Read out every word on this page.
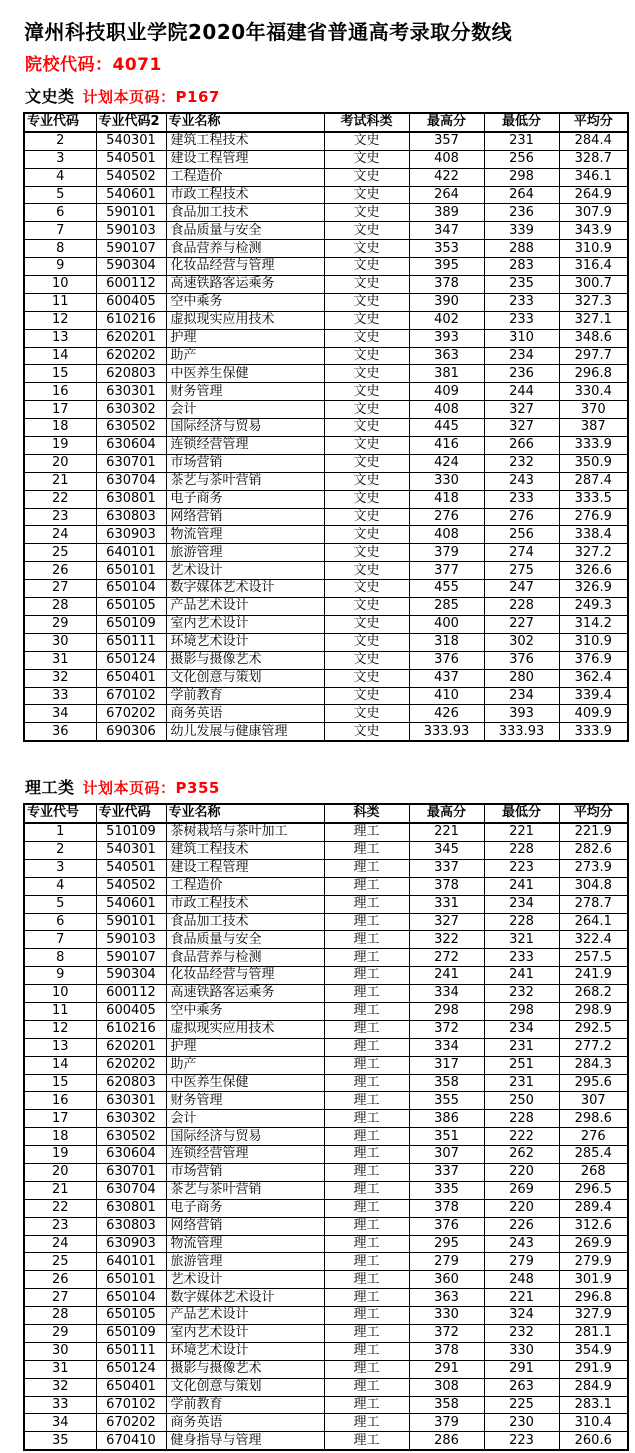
漳州科技职业学院2020年福建省普通高考录取分数线
院校代码：4071
文史类 计划本页码：P167
专业代码	专业代码2	专业名称	考试科类	最高分	最低分	平均分
2	540301	建筑工程技术	文史	357	231	284.4
3	540501	建设工程管理	文史	408	256	328.7
4	540502	工程造价	文史	422	298	346.1
5	540601	市政工程技术	文史	264	264	264.9
6	590101	食品加工技术	文史	389	236	307.9
7	590103	食品质量与安全	文史	347	339	343.9
8	590107	食品营养与检测	文史	353	288	310.9
9	590304	化妆品经营与管理	文史	395	283	316.4
10	600112	高速铁路客运乘务	文史	378	235	300.7
11	600405	空中乘务	文史	390	233	327.3
12	610216	虚拟现实应用技术	文史	402	233	327.1
13	620201	护理	文史	393	310	348.6
14	620202	助产	文史	363	234	297.7
15	620803	中医养生保健	文史	381	236	296.8
16	630301	财务管理	文史	409	244	330.4
17	630302	会计	文史	408	327	370
18	630502	国际经济与贸易	文史	445	327	387
19	630604	连锁经营管理	文史	416	266	333.9
20	630701	市场营销	文史	424	232	350.9
21	630704	茶艺与茶叶营销	文史	330	243	287.4
22	630801	电子商务	文史	418	233	333.5
23	630803	网络营销	文史	276	276	276.9
24	630903	物流管理	文史	408	256	338.4
25	640101	旅游管理	文史	379	274	327.2
26	650101	艺术设计	文史	377	275	326.6
27	650104	数字媒体艺术设计	文史	455	247	326.9
28	650105	产品艺术设计	文史	285	228	249.3
29	650109	室内艺术设计	文史	400	227	314.2
30	650111	环境艺术设计	文史	318	302	310.9
31	650124	摄影与摄像艺术	文史	376	376	376.9
32	650401	文化创意与策划	文史	437	280	362.4
33	670102	学前教育	文史	410	234	339.4
34	670202	商务英语	文史	426	393	409.9
36	690306	幼儿发展与健康管理	文史	333.93	333.93	333.9
理工类 计划本页码：P355
专业代号	专业代码	专业名称	科类	最高分	最低分	平均分
1	510109	茶树栽培与茶叶加工	理工	221	221	221.9
2	540301	建筑工程技术	理工	345	228	282.6
3	540501	建设工程管理	理工	337	223	273.9
4	540502	工程造价	理工	378	241	304.8
5	540601	市政工程技术	理工	331	234	278.7
6	590101	食品加工技术	理工	327	228	264.1
7	590103	食品质量与安全	理工	322	321	322.4
8	590107	食品营养与检测	理工	272	233	257.5
9	590304	化妆品经营与管理	理工	241	241	241.9
10	600112	高速铁路客运乘务	理工	334	232	268.2
11	600405	空中乘务	理工	298	298	298.9
12	610216	虚拟现实应用技术	理工	372	234	292.5
13	620201	护理	理工	334	231	277.2
14	620202	助产	理工	317	251	284.3
15	620803	中医养生保健	理工	358	231	295.6
16	630301	财务管理	理工	355	250	307
17	630302	会计	理工	386	228	298.6
18	630502	国际经济与贸易	理工	351	222	276
19	630604	连锁经营管理	理工	307	262	285.4
20	630701	市场营销	理工	337	220	268
21	630704	茶艺与茶叶营销	理工	335	269	296.5
22	630801	电子商务	理工	378	220	289.4
23	630803	网络营销	理工	376	226	312.6
24	630903	物流管理	理工	295	243	269.9
25	640101	旅游管理	理工	279	279	279.9
26	650101	艺术设计	理工	360	248	301.9
27	650104	数字媒体艺术设计	理工	363	221	296.8
28	650105	产品艺术设计	理工	330	324	327.9
29	650109	室内艺术设计	理工	372	232	281.1
30	650111	环境艺术设计	理工	378	330	354.9
31	650124	摄影与摄像艺术	理工	291	291	291.9
32	650401	文化创意与策划	理工	308	263	284.9
33	670102	学前教育	理工	358	225	283.1
34	670202	商务英语	理工	379	230	310.4
35	670410	健身指导与管理	理工	286	223	260.6
